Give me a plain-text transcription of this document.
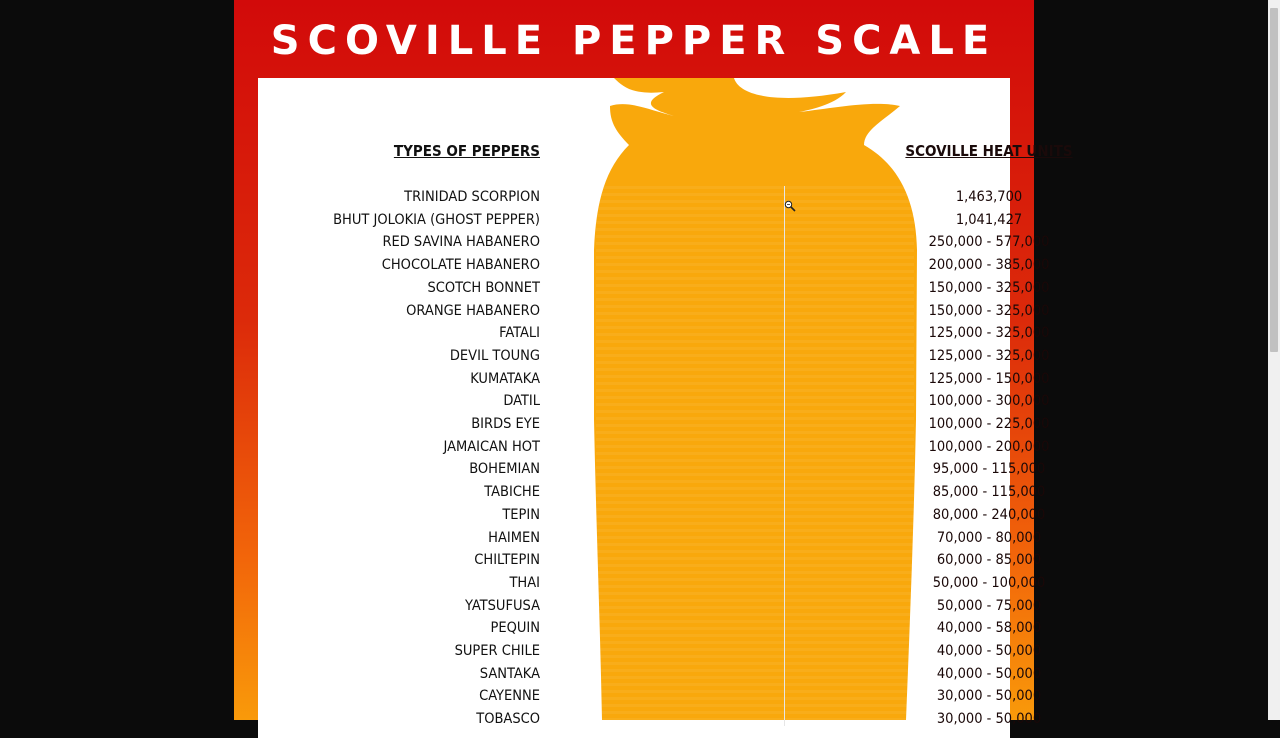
SCOVILLE PEPPER SCALE
TYPES OF PEPPERS	SCOVILLE HEAT UNITS
TRINIDAD SCORPION	1,463,700
BHUT JOLOKIA (GHOST PEPPER)	1,041,427
RED SAVINA HABANERO	250,000 - 577,000
CHOCOLATE HABANERO	200,000 - 385,000
SCOTCH BONNET	150,000 - 325,000
ORANGE HABANERO	150,000 - 325,000
FATALI	125,000 - 325,000
DEVIL TOUNG	125,000 - 325,000
KUMATAKA	125,000 - 150,000
DATIL	100,000 - 300,000
BIRDS EYE	100,000 - 225,000
JAMAICAN HOT	100,000 - 200,000
BOHEMIAN	95,000 - 115,000
TABICHE	85,000 - 115,000
TEPIN	80,000 - 240,000
HAIMEN	70,000 - 80,000
CHILTEPIN	60,000 - 85,000
THAI	50,000 - 100,000
YATSUFUSA	50,000 - 75,000
PEQUIN	40,000 - 58,000
SUPER CHILE	40,000 - 50,000
SANTAKA	40,000 - 50,000
CAYENNE	30,000 - 50,000
TOBASCO	30,000 - 50,000
